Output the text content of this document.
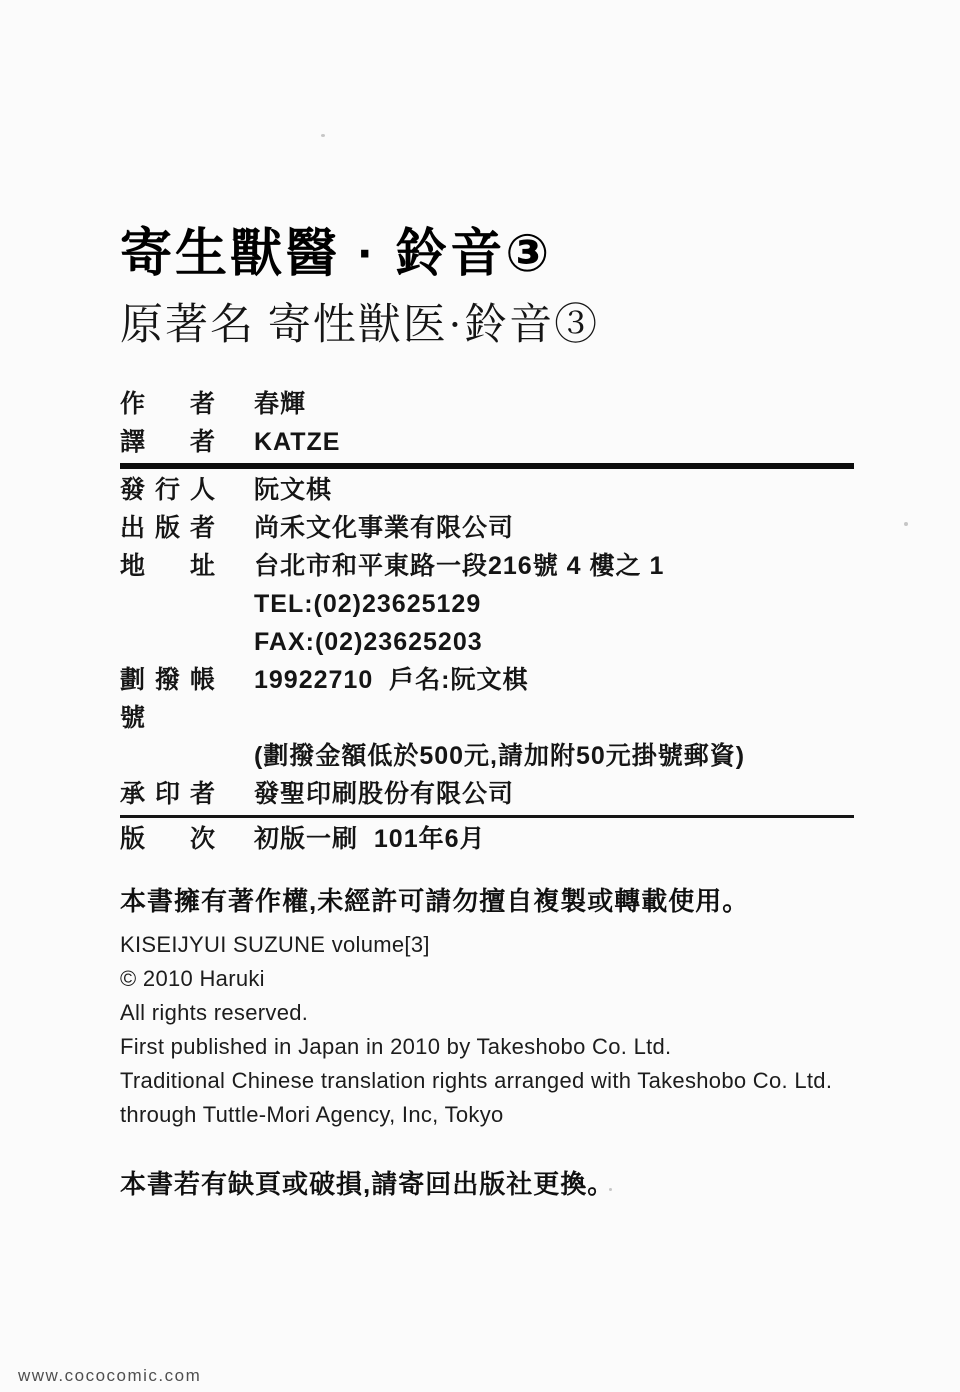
寄生獸醫 · 鈴音③
原著名 寄性獣医·鈴音③
作者 春輝
譯者 KATZE
發行人 阮文棋
出版者 尚禾文化事業有限公司
地址 台北市和平東路一段216號 4 樓之 1
TEL:(02)23625129
FAX:(02)23625203
劃撥帳號
19922710  戶名:阮文棋
(劃撥金額低於500元,請加附50元掛號郵資)
承印者 發聖印刷股份有限公司
版次 初版一刷  101年6月
本書擁有著作權,未經許可請勿擅自複製或轉載使用。
KISEIJYUI SUZUNE volume[3]
© 2010 Haruki
All rights reserved.
First published in Japan in 2010 by Takeshobo Co. Ltd.
Traditional Chinese translation rights arranged with Takeshobo Co. Ltd.
through Tuttle-Mori Agency, Inc, Tokyo
本書若有缺頁或破損,請寄回出版社更換。
www.cococomic.com
